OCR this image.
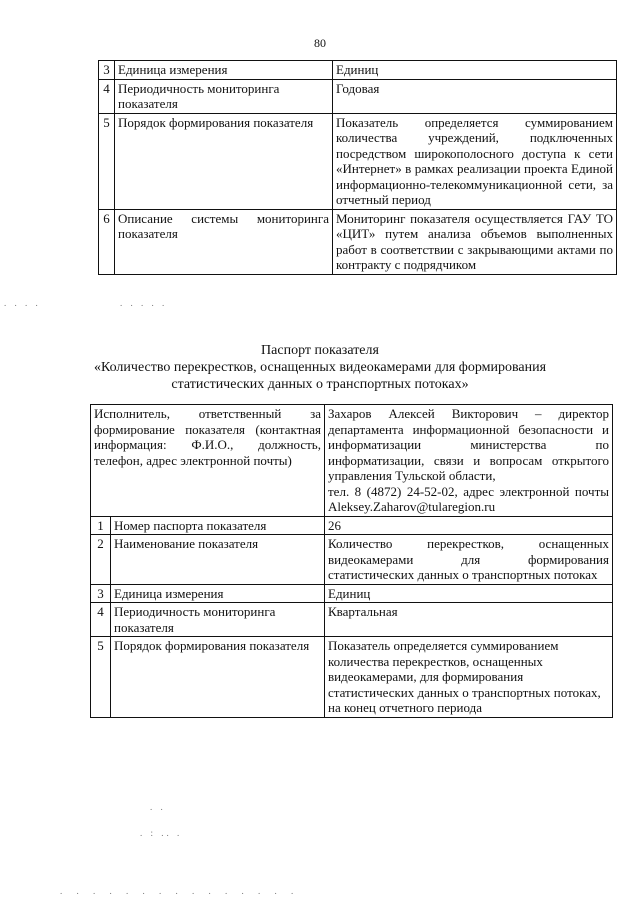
80
3	Единица измерения	Единиц
4	Периодичность мониторинга показателя	Годовая
5	Порядок формирования показателя	Показатель определяется суммированием количества учреждений, подключенных посредством широкополосного доступа к сети «Интернет» в рамках реализации проекта Единой информационно-телекоммуникационной сети, за отчетный период
6	Описание системы мониторинга показателя	Мониторинг показателя осуществляется ГАУ ТО «ЦИТ» путем анализа объемов выполненных работ в соответствии с закрывающими актами по контракту с подрядчиком
. . . .	. . . . .
Паспорт показателя
«Количество перекрестков, оснащенных видеокамерами для формирования
статистических данных о транспортных потоках»
Исполнитель, ответственный за формирование показателя (контактная информация: Ф.И.О., должность, телефон, адрес электронной почты)		Захаров Алексей Викторович – директор департамента информационной безопасности и информатизации министерства по информатизации, связи и вопросам открытого управления Тульской области,
тел. 8 (4872) 24-52-02, адрес электронной почты Aleksey.Zaharov@tularegion.ru
1	Номер паспорта показателя	26
2	Наименование показателя	Количество перекрестков, оснащенных видеокамерами для формирования статистических данных о транспортных потоках
3	Единица измерения	Единиц
4	Периодичность мониторинга показателя	Квартальная
5	Порядок формирования показателя	Показатель определяется суммированием количества перекрестков, оснащенных видеокамерами, для формирования статистических данных о транспортных потоках, на конец отчетного периода
. .
. : .. .
. . . . . . . . . . . . . . .
